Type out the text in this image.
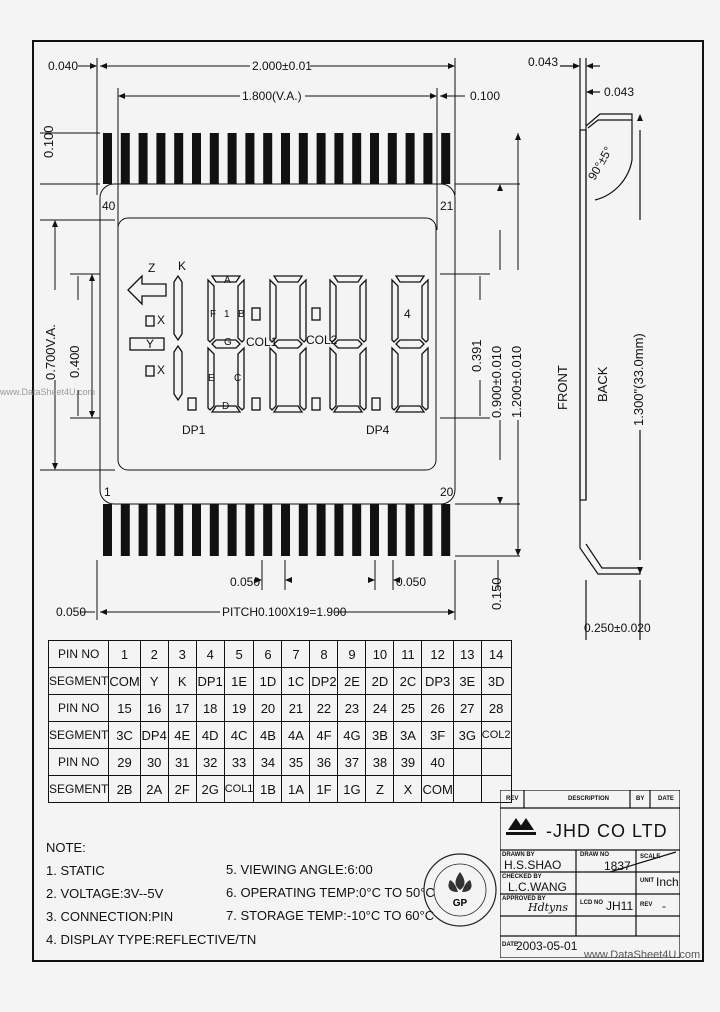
0.040	2.000±0.01
1.800(V.A.)	0.100
0.043
0.043
90°±5°
0.100
0.700V.A. 0.400	0.391 0.900±0.010 1.200±0.010 FRONT BACK 1.300"(33.0mm)
0.150
0.050	0.050
0.050	PITCH0.100X19=1.900
0.250±0.020
40	21
1	20
Z K
X
Y
X
A
F 1 B
G
E C
D
COL1 COL2
4
DP1	DP4
PIN NO	1	2	3	4	5	6	7	8	9	10	11	12	13	14
SEGMENT	COM	Y	K	DP1	1E	1D	1C	DP2	2E	2D	2C	DP3	3E	3D
PIN NO	15	16	17	18	19	20	21	22	23	24	25	26	27	28
SEGMENT	3C	DP4	4E	4D	4C	4B	4A	4F	4G	3B	3A	3F	3G	COL2
PIN NO	29	30	31	32	33	34	35	36	37	38	39	40		
SEGMENT	2B	2A	2F	2G	COL1	1B	1A	1F	1G	Z	X	COM		
NOTE:
1. STATIC
2. VOLTAGE:3V--5V
3. CONNECTION:PIN
4. DISPLAY TYPE:REFLECTIVE/TN
5. VIEWING ANGLE:6:00
6. OPERATING TEMP:0°C TO 50°C
7. STORAGE TEMP:-10°C TO 60°C
GP
REV	DESCRIPTION	BY DATE
-JHD CO LTD
DRAWN BY
H.S.SHAO
DRAW NO
1837
SCALE
CHECKED BY
L.C.WANG	UNIT Inch
APPROVED BY
Hdtyns LCD NO JH11 REV -
DATE
2003-05-01
www.DataSheet4U.com
www.DataSheet4U.com
